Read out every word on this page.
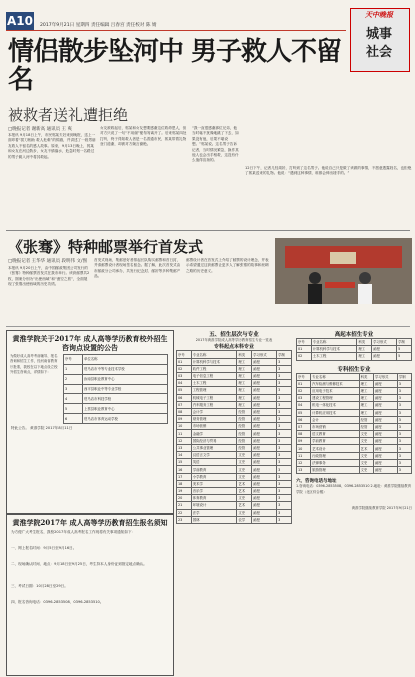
A10 2017年9月21日 星期四 责任编辑 吕春宫 责任校对 陈 婧
天中晚报
城事
社会
情侣散步坠河中 男子救人不留名
被救者送礼遭拒绝
□晚报记者 谢新高 通讯员 王 爽
本报讯 9月18日上午，市民郭某夫妇来到晚报，送上一面印着“拔刀相助 救人危难”的锦旗，并讲述了一段男朋友救人不留名的感人故事。原来，9月13日晚上，郭某和女友在河边散步，女友不慎落水，危急时刻一名路过的男子跳入河中将其救起。
女友被救起后，郭某和女友想要感谢这位救命恩人，但对方只说了一句“不用谢”便匆匆离开了。后来郭某四处打听，终于得知救人者是一名普通市民，郭某带着礼物登门道谢，却被对方婉言谢绝。
“我一直很感谢那位兄弟，他当时毫不犹豫地跳了下去，如果没有他，后果不堪设想。”郭某说。这名男子告诉记者，当时情况紧急，换作其他人也会出手相救，这没有什么值得宣扬的。
12日下午，记者几经周折，打听到了这名男子。他说自己只是做了该做的事情，不愿意透露姓名，也拒绝了郭某送来的礼物。他说：“遇到这种事情，谁都会伸出援手的。”
《张骞》特种邮票举行首发式
□晚报记者 王华华 通讯员 段明伟 文/图
本报讯 9月20日上午，由中国邮政集团公司发行的《张骞》特种邮票首发式在我市举行。该套邮票共2枚，图案分别为“出使西域”和“凿空之旅”，全面展现了张骞出使西域的历史功绩。
首发式现场，集邮爱好者排起长队购买邮票和首日封，并请邮票设计者现场签名留念。据了解，此次首发式由市邮政分公司承办，共发行纪念封、邮折等多种集邮产品。
邮票设计者在首发式上介绍了邮票的设计理念，并表示希望通过这套邮票让更多人了解张骞的故事和丝绸之路的历史意义。
黄淮学院关于2017年 成人高等学历教育校外招生咨询点设置的公告
为做好成人高考考前辅导、报名咨询和招生工作，经河南省教育厅批准，我校在以下地点设立校外招生咨询点，详情如下：
序号	单位名称
1	驻马店市中等专业技术学校
2	汝南县职业教育中心
3	西平县职业中等专业学校
4	驻马店市科技学校
5	上蔡县职业教育中心
6	驻马店市体育运动学校
特此公告。 黄淮学院 2017年8月11日
黄淮学院2017年 成人高等学历教育招生报名须知
为方便广大考生报名，我校2017年成人高考报名工作现将有关事项通知如下：
一、网上报名时间：9月5日至9月16日。
二、现场确认时间、地点：9月18日至9月25日，考生持本人身份证到指定地点确认。
三、考试日期：10月28日至29日。
四、报名咨询电话：0396-2853508、0396-2853510。
五、招生层次与专业
2017年黄淮学院成人高等学历教育招生专业一览表
专科起点本科专业
序号	专业名称	科类	学习形式	学制
01	计算机科学与技术	理工	函授	3
02	软件工程	理工	函授	3
03	电子信息工程	理工	函授	3
04	土木工程	理工	函授	3
05	工程管理	理工	函授	3
06	机械电子工程	理工	函授	3
07	汽车服务工程	理工	函授	3
08	会计学	经管	函授	3
09	财务管理	经管	函授	3
10	市场营销	经管	函授	3
11	金融学	经管	函授	3
12	国际经济与贸易	经管	函授	3
13	公共事业管理	经管	函授	3
14	汉语言文学	文史	函授	3
15	英语	文史	函授	3
16	学前教育	文史	函授	3
17	小学教育	文史	函授	3
18	美术学	艺术	函授	3
19	音乐学	艺术	函授	3
20	体育教育	文史	函授	3
21	环境设计	艺术	函授	3
22	法学	文史	函授	3
23	园林	农学	函授	3
高起本招生专业
序号	专业名称	科类	学习形式	学制
01	计算机科学与技术	理工	函授	5
02	土木工程	理工	函授	5
专科招生专业
序号	专业名称	科类	学习形式	学制
01	汽车检测与维修技术	理工	函授	3
02	应用电子技术	理工	函授	3
03	建设工程管理	理工	函授	3
04	机电一体化技术	理工	函授	3
05	计算机应用技术	理工	函授	3
06	会计	经管	函授	3
07	市场营销	经管	函授	3
08	语文教育	文史	函授	3
09	学前教育	文史	函授	3
10	艺术设计	艺术	函授	3
11	行政管理	文史	函授	3
12	法律事务	文史	函授	3
13	旅游管理	文史	函授	3
六、咨询电话与地址
1.咨询电话：0396-2853508、0396-2853510 2.地址：黄淮学院继续教育学院（北区综合楼）
黄淮学院继续教育学院 2017年9月21日
